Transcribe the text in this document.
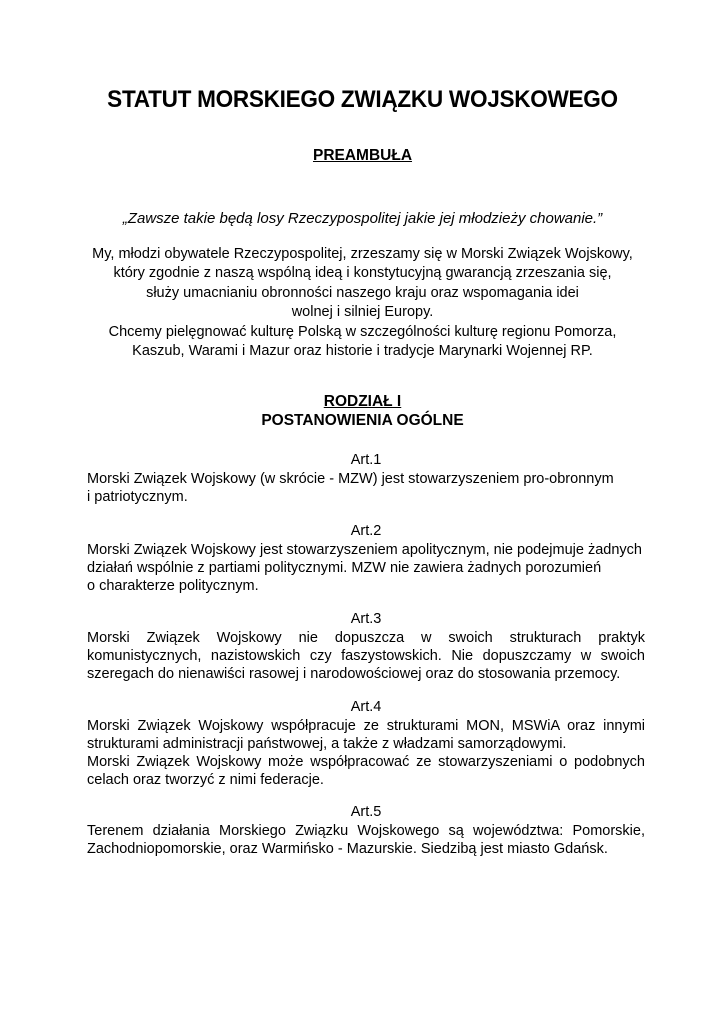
STATUT MORSKIEGO ZWIĄZKU WOJSKOWEGO
PREAMBUŁA
„Zawsze takie będą losy Rzeczypospolitej jakie jej młodzieży chowanie.”
My, młodzi obywatele Rzeczypospolitej, zrzeszamy się w Morski Związek Wojskowy,
który zgodnie z naszą wspólną ideą i konstytucyjną gwarancją zrzeszania się,
służy umacnianiu obronności naszego kraju oraz wspomagania idei
wolnej i silniej Europy.
Chcemy pielęgnować kulturę Polską w szczególności kulturę regionu Pomorza,
Kaszub, Warami i Mazur oraz historie i tradycje Marynarki Wojennej RP.
RODZIAŁ I
POSTANOWIENIA OGÓLNE
Art.1
Morski Związek Wojskowy (w skrócie - MZW) jest stowarzyszeniem pro-obronnym
i patriotycznym.
Art.2
Morski Związek Wojskowy jest stowarzyszeniem apolitycznym, nie podejmuje żadnych
działań wspólnie z partiami politycznymi. MZW nie zawiera żadnych porozumień
o charakterze politycznym.
Art.3
Morski Związek Wojskowy nie dopuszcza w swoich strukturach praktyk
komunistycznych, nazistowskich czy faszystowskich. Nie dopuszczamy w swoich
szeregach do nienawiści rasowej i narodowościowej oraz do stosowania przemocy.
Art.4
Morski Związek Wojskowy współpracuje ze strukturami MON, MSWiA oraz innymi
strukturami administracji państwowej, a także z władzami samorządowymi.
Morski Związek Wojskowy może współpracować ze stowarzyszeniami o podobnych
celach oraz tworzyć z nimi federacje.
Art.5
Terenem działania Morskiego Związku Wojskowego są województwa: Pomorskie,
Zachodniopomorskie, oraz Warmińsko - Mazurskie. Siedzibą jest miasto Gdańsk.
